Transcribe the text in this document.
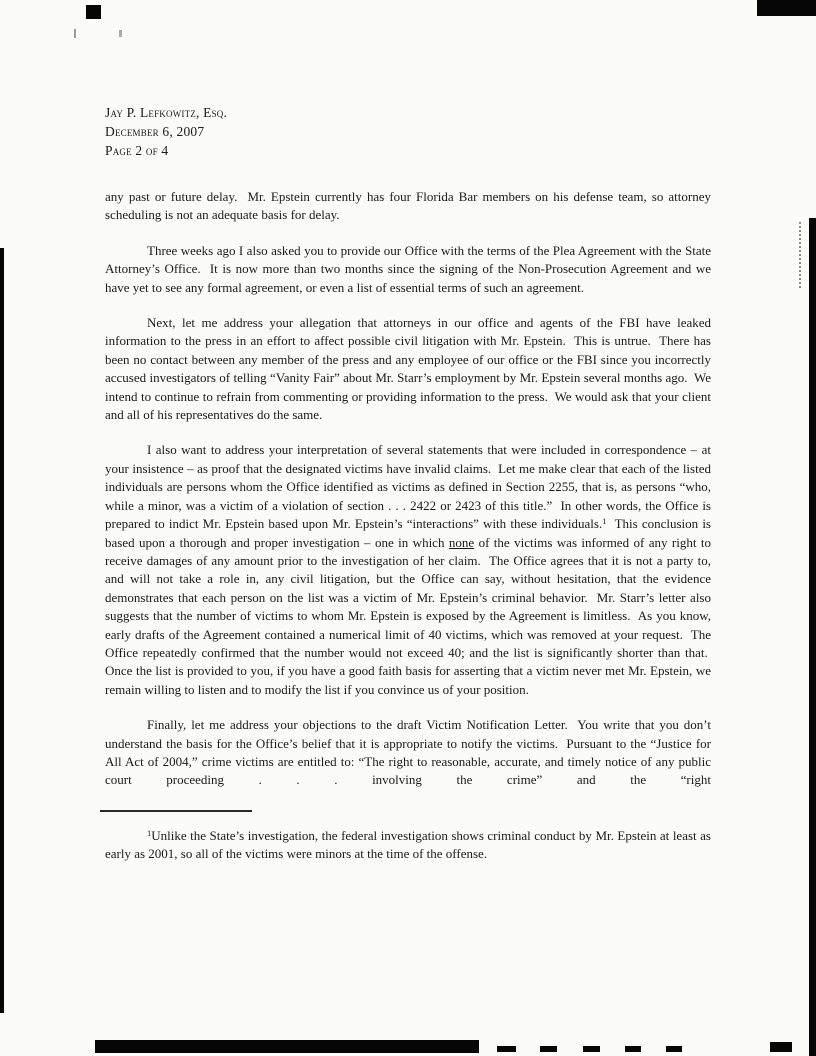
Jay P. Lefkowitz, Esq.
December 6, 2007
Page 2 of 4

any past or future delay.  Mr. Epstein currently has four Florida Bar members on his defense team, so attorney scheduling is not an adequate basis for delay.

Three weeks ago I also asked you to provide our Office with the terms of the Plea Agreement with the State Attorney’s Office.  It is now more than two months since the signing of the Non-Prosecution Agreement and we have yet to see any formal agreement, or even a list of essential terms of such an agreement.

Next, let me address your allegation that attorneys in our office and agents of the FBI have leaked information to the press in an effort to affect possible civil litigation with Mr. Epstein.  This is untrue.  There has been no contact between any member of the press and any employee of our office or the FBI since you incorrectly accused investigators of telling “Vanity Fair” about Mr. Starr’s employment by Mr. Epstein several months ago.  We intend to continue to refrain from commenting or providing information to the press.  We would ask that your client and all of his representatives do the same.

I also want to address your interpretation of several statements that were included in correspondence – at your insistence – as proof that the designated victims have invalid claims.  Let me make clear that each of the listed individuals are persons whom the Office identified as victims as defined in Section 2255, that is, as persons “who, while a minor, was a victim of a violation of section . . . 2422 or 2423 of this title.”  In other words, the Office is prepared to indict Mr. Epstein based upon Mr. Epstein’s “interactions” with these individuals.$^1$  This conclusion is based upon a thorough and proper investigation – one in which none of the victims was informed of any right to receive damages of any amount prior to the investigation of her claim.  The Office agrees that it is not a party to, and will not take a role in, any civil litigation, but the Office can say, without hesitation, that the evidence demonstrates that each person on the list was a victim of Mr. Epstein’s criminal behavior.  Mr. Starr’s letter also suggests that the number of victims to whom Mr. Epstein is exposed by the Agreement is limitless.  As you know, early drafts of the Agreement contained a numerical limit of 40 victims, which was removed at your request.  The Office repeatedly confirmed that the number would not exceed 40; and the list is significantly shorter than that.  Once the list is provided to you, if you have a good faith basis for asserting that a victim never met Mr. Epstein, we remain willing to listen and to modify the list if you convince us of your position.

Finally, let me address your objections to the draft Victim Notification Letter.  You write that you don’t understand the basis for the Office’s belief that it is appropriate to notify the victims.  Pursuant to the “Justice for All Act of 2004,” crime victims are entitled to: “The right to reasonable, accurate, and timely notice of any public court proceeding . . . involving the crime” and the “right

$^1$Unlike the State’s investigation, the federal investigation shows criminal conduct by Mr. Epstein at least as early as 2001, so all of the victims were minors at the time of the offense.
